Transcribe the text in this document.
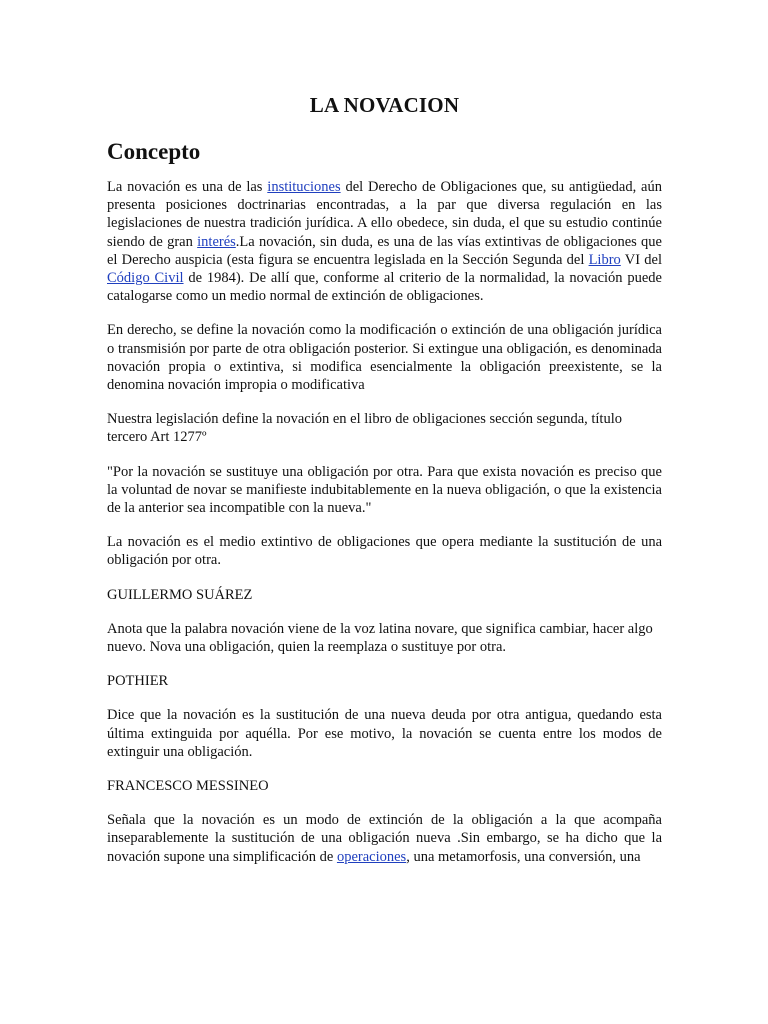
LA NOVACION
Concepto

La novación es una de las instituciones del Derecho de Obligaciones que, su antigüedad, aún presenta posiciones doctrinarias encontradas, a la par que diversa regulación en las legislaciones de nuestra tradición jurídica. A ello obedece, sin duda, el que su estudio continúe siendo de gran interés.La novación, sin duda, es una de las vías extintivas de obligaciones que el Derecho auspicia (esta figura se encuentra legislada en la Sección Segunda del Libro VI del Código Civil de 1984). De allí que, conforme al criterio de la normalidad, la novación puede catalogarse como un medio normal de extinción de obligaciones.

En derecho, se define la novación como la modificación o extinción de una obligación jurídica o transmisión por parte de otra obligación posterior. Si extingue una obligación, es denominada novación propia o extintiva, si modifica esencialmente la obligación preexistente, se la denomina novación impropia o modificativa

Nuestra legislación define la novación en el libro de obligaciones sección segunda, título tercero Art 1277º

"Por la novación se sustituye una obligación por otra. Para que exista novación es preciso que la voluntad de novar se manifieste indubitablemente en la nueva obligación, o que la existencia de la anterior sea incompatible con la nueva."

La novación es el medio extintivo de obligaciones que opera mediante la sustitución de una obligación por otra.

GUILLERMO SUÁREZ

Anota que la palabra novación viene de la voz latina novare, que significa cambiar, hacer algo nuevo. Nova una obligación, quien la reemplaza o sustituye por otra.

POTHIER

Dice que la novación es la sustitución de una nueva deuda por otra antigua, quedando esta última extinguida por aquélla. Por ese motivo, la novación se cuenta entre los modos de extinguir una obligación.

FRANCESCO MESSINEO

Señala que la novación es un modo de extinción de la obligación a la que acompaña inseparablemente la sustitución de una obligación nueva .Sin embargo, se ha dicho que la novación supone una simplificación de operaciones, una metamorfosis, una conversión, una
